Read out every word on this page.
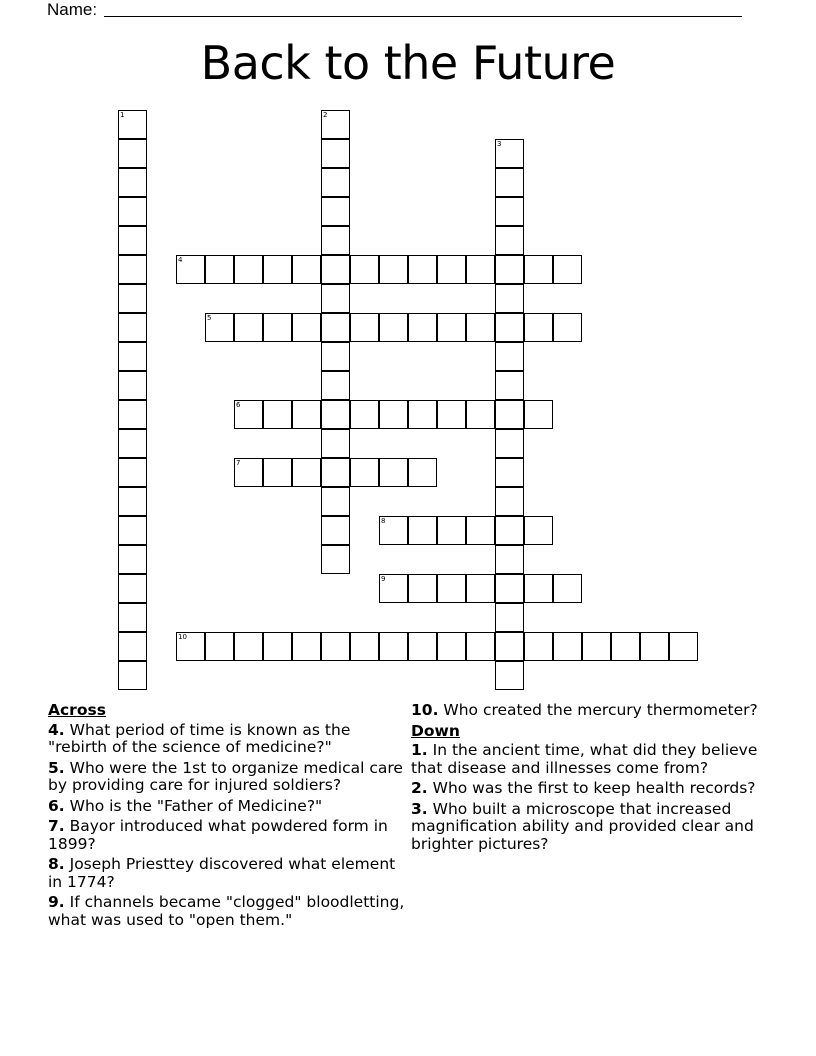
Name:
Back to the Future
1	2
3
4
5
6
7
8
9
10
Across
4. What period of time is known as the "rebirth of the science of medicine?"
5. Who were the 1st to organize medical care by providing care for injured soldiers?
6. Who is the "Father of Medicine?"
7. Bayor introduced what powdered form in 1899?
8. Joseph Priesttey discovered what element in 1774?
9. If channels became "clogged" bloodletting, what was used to "open them."
10. Who created the mercury thermometer?
Down
1. In the ancient time, what did they believe that disease and illnesses come from?
2. Who was the first to keep health records?
3. Who built a microscope that increased magnification ability and provided clear and brighter pictures?
